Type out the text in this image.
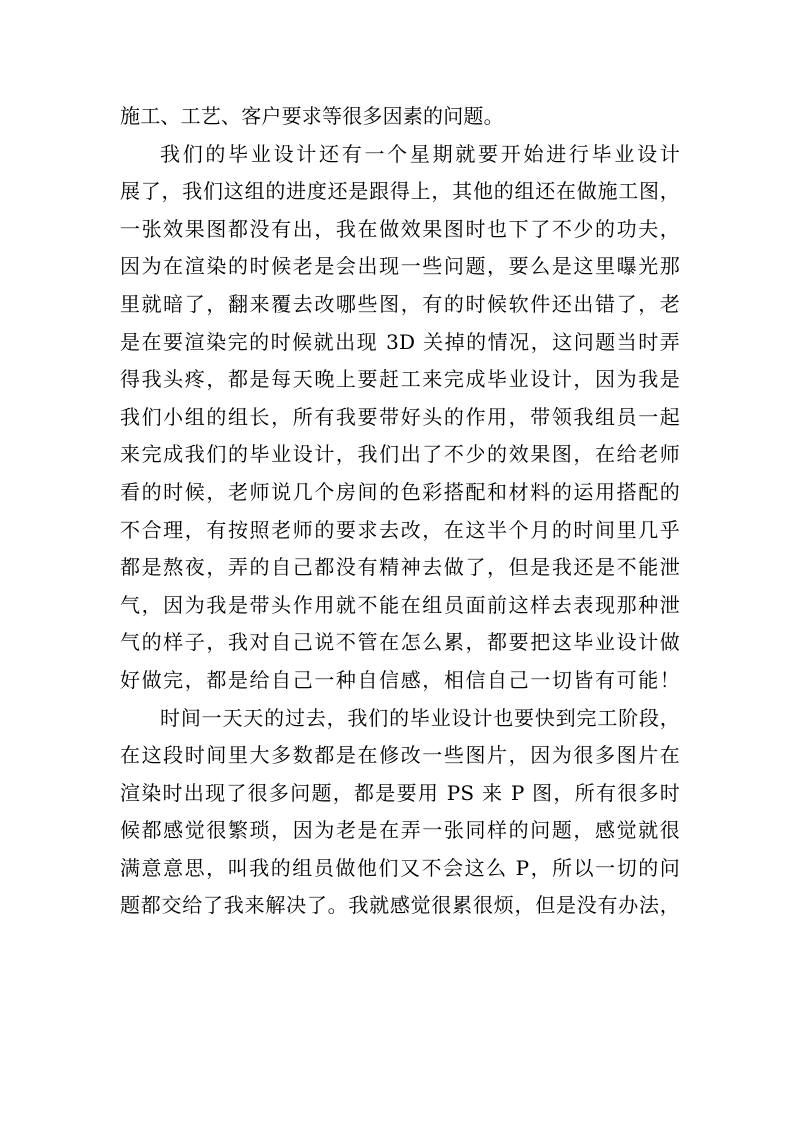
施工、工艺、客户要求等很多因素的问题。
我们的毕业设计还有一个星期就要开始进行毕业设计
展了，我们这组的进度还是跟得上，其他的组还在做施工图，
一张效果图都没有出，我在做效果图时也下了不少的功夫，
因为在渲染的时候老是会出现一些问题，要么是这里曝光那
里就暗了，翻来覆去改哪些图，有的时候软件还出错了，老
是在要渲染完的时候就出现 3D 关掉的情况，这问题当时弄
得我头疼，都是每天晚上要赶工来完成毕业设计，因为我是
我们小组的组长，所有我要带好头的作用，带领我组员一起
来完成我们的毕业设计，我们出了不少的效果图，在给老师
看的时候，老师说几个房间的色彩搭配和材料的运用搭配的
不合理，有按照老师的要求去改，在这半个月的时间里几乎
都是熬夜，弄的自己都没有精神去做了，但是我还是不能泄
气，因为我是带头作用就不能在组员面前这样去表现那种泄
气的样子，我对自己说不管在怎么累，都要把这毕业设计做
好做完，都是给自己一种自信感，相信自己一切皆有可能！
时间一天天的过去，我们的毕业设计也要快到完工阶段，
在这段时间里大多数都是在修改一些图片，因为很多图片在
渲染时出现了很多问题，都是要用 PS 来 P 图，所有很多时
候都感觉很繁琐，因为老是在弄一张同样的问题，感觉就很
满意意思，叫我的组员做他们又不会这么 P，所以一切的问
题都交给了我来解决了。我就感觉很累很烦，但是没有办法，
